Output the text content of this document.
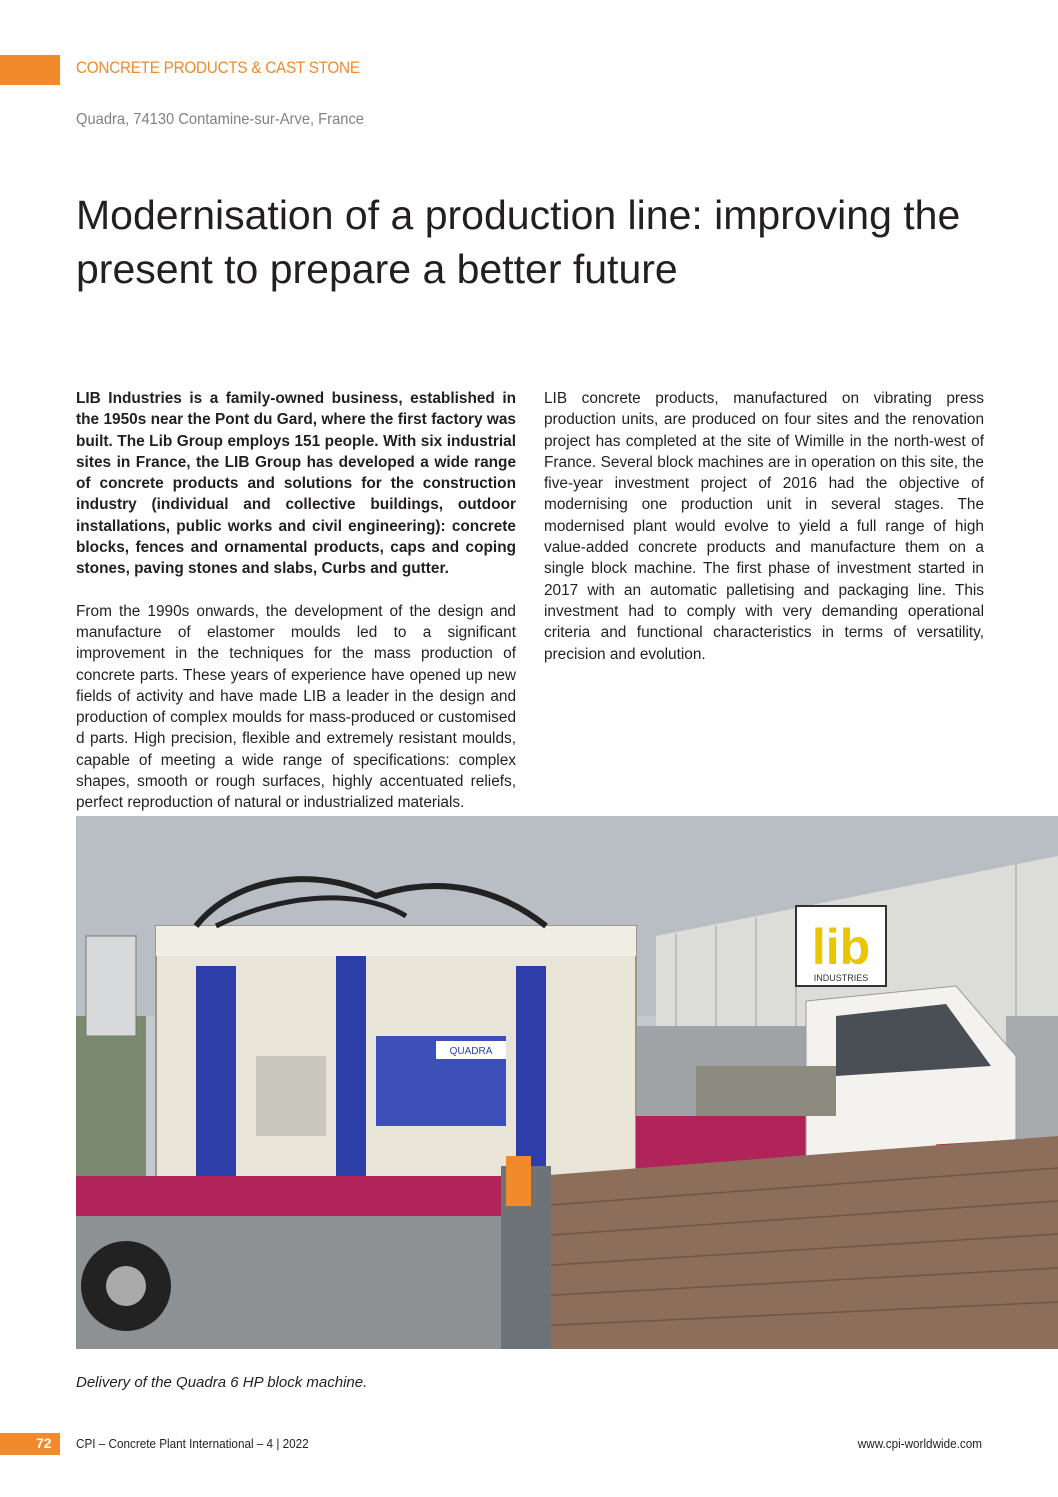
CONCRETE PRODUCTS & CAST STONE
Quadra, 74130 Contamine-sur-Arve, France
Modernisation of a production line: improving the present to prepare a better future

LIB Industries is a family-owned business, established in the 1950s near the Pont du Gard, where the first factory was built. The Lib Group employs 151 people. With six industrial sites in France, the LIB Group has developed a wide range of concrete products and solutions for the construction industry (individual and collective buildings, outdoor installations, public works and civil engineering): concrete blocks, fences and ornamental products, caps and coping stones, paving stones and slabs, Curbs and gutter.

From the 1990s onwards, the development of the design and manufacture of elastomer moulds led to a significant improvement in the techniques for the mass production of concrete parts. These years of experience have opened up new fields of activity and have made LIB a leader in the design and production of complex moulds for mass-produced or customised d parts. High precision, flexible and extremely resistant moulds, capable of meeting a wide range of specifications: complex shapes, smooth or rough surfaces, highly accentuated reliefs, perfect reproduction of natural or industrialized materials.

LIB concrete products, manufactured on vibrating press production units, are produced on four sites and the renovation project has completed at the site of Wimille in the north-west of France. Several block machines are in operation on this site, the five-year investment project of 2016 had the objective of modernising one production unit in several stages. The modernised plant would evolve to yield a full range of high value-added concrete products and manufacture them on a single block machine. The first phase of investment started in 2017 with an automatic palletising and packaging line. This investment had to comply with very demanding operational criteria and functional characteristics in terms of versatility, precision and evolution.

lib
INDUSTRIES
QUADRA
Delivery of the Quadra 6 HP block machine.
72 CPI – Concrete Plant International – 4 | 2022	www.cpi-worldwide.com
